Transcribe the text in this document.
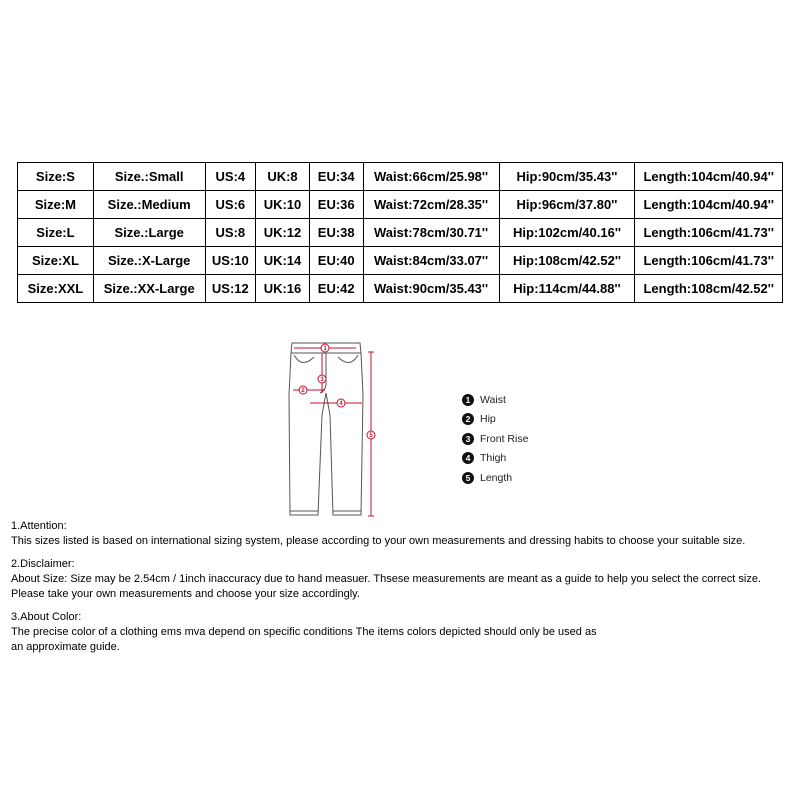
Size:S	Size.:Small	US:4	UK:8	EU:34	Waist:66cm/25.98''	Hip:90cm/35.43''	Length:104cm/40.94''
Size:M	Size.:Medium	US:6	UK:10	EU:36	Waist:72cm/28.35''	Hip:96cm/37.80''	Length:104cm/40.94''
Size:L	Size.:Large	US:8	UK:12	EU:38	Waist:78cm/30.71''	Hip:102cm/40.16''	Length:106cm/41.73''
Size:XL	Size.:X-Large	US:10	UK:14	EU:40	Waist:84cm/33.07''	Hip:108cm/42.52''	Length:106cm/41.73''
Size:XXL	Size.:XX-Large	US:12	UK:16	EU:42	Waist:90cm/35.43''	Hip:114cm/44.88''	Length:108cm/42.52''
1
2
3
4
5
1 Waist
2 Hip
3 Front Rise
4 Thigh
5 Length
1.Attention:
This sizes listed is based on international sizing system, please according to your own measurements and dressing habits to choose your suitable size.
2.Disclaimer:
About Size: Size may be 2.54cm / 1inch inaccuracy due to hand measuer. Thsese measurements are meant as a guide to help you select the correct size.
Please take your own measurements and choose your size accordingly.
3.About Color:
The precise color of a clothing ems mva depend on specific conditions The items colors depicted should only be used as
an approximate guide.
